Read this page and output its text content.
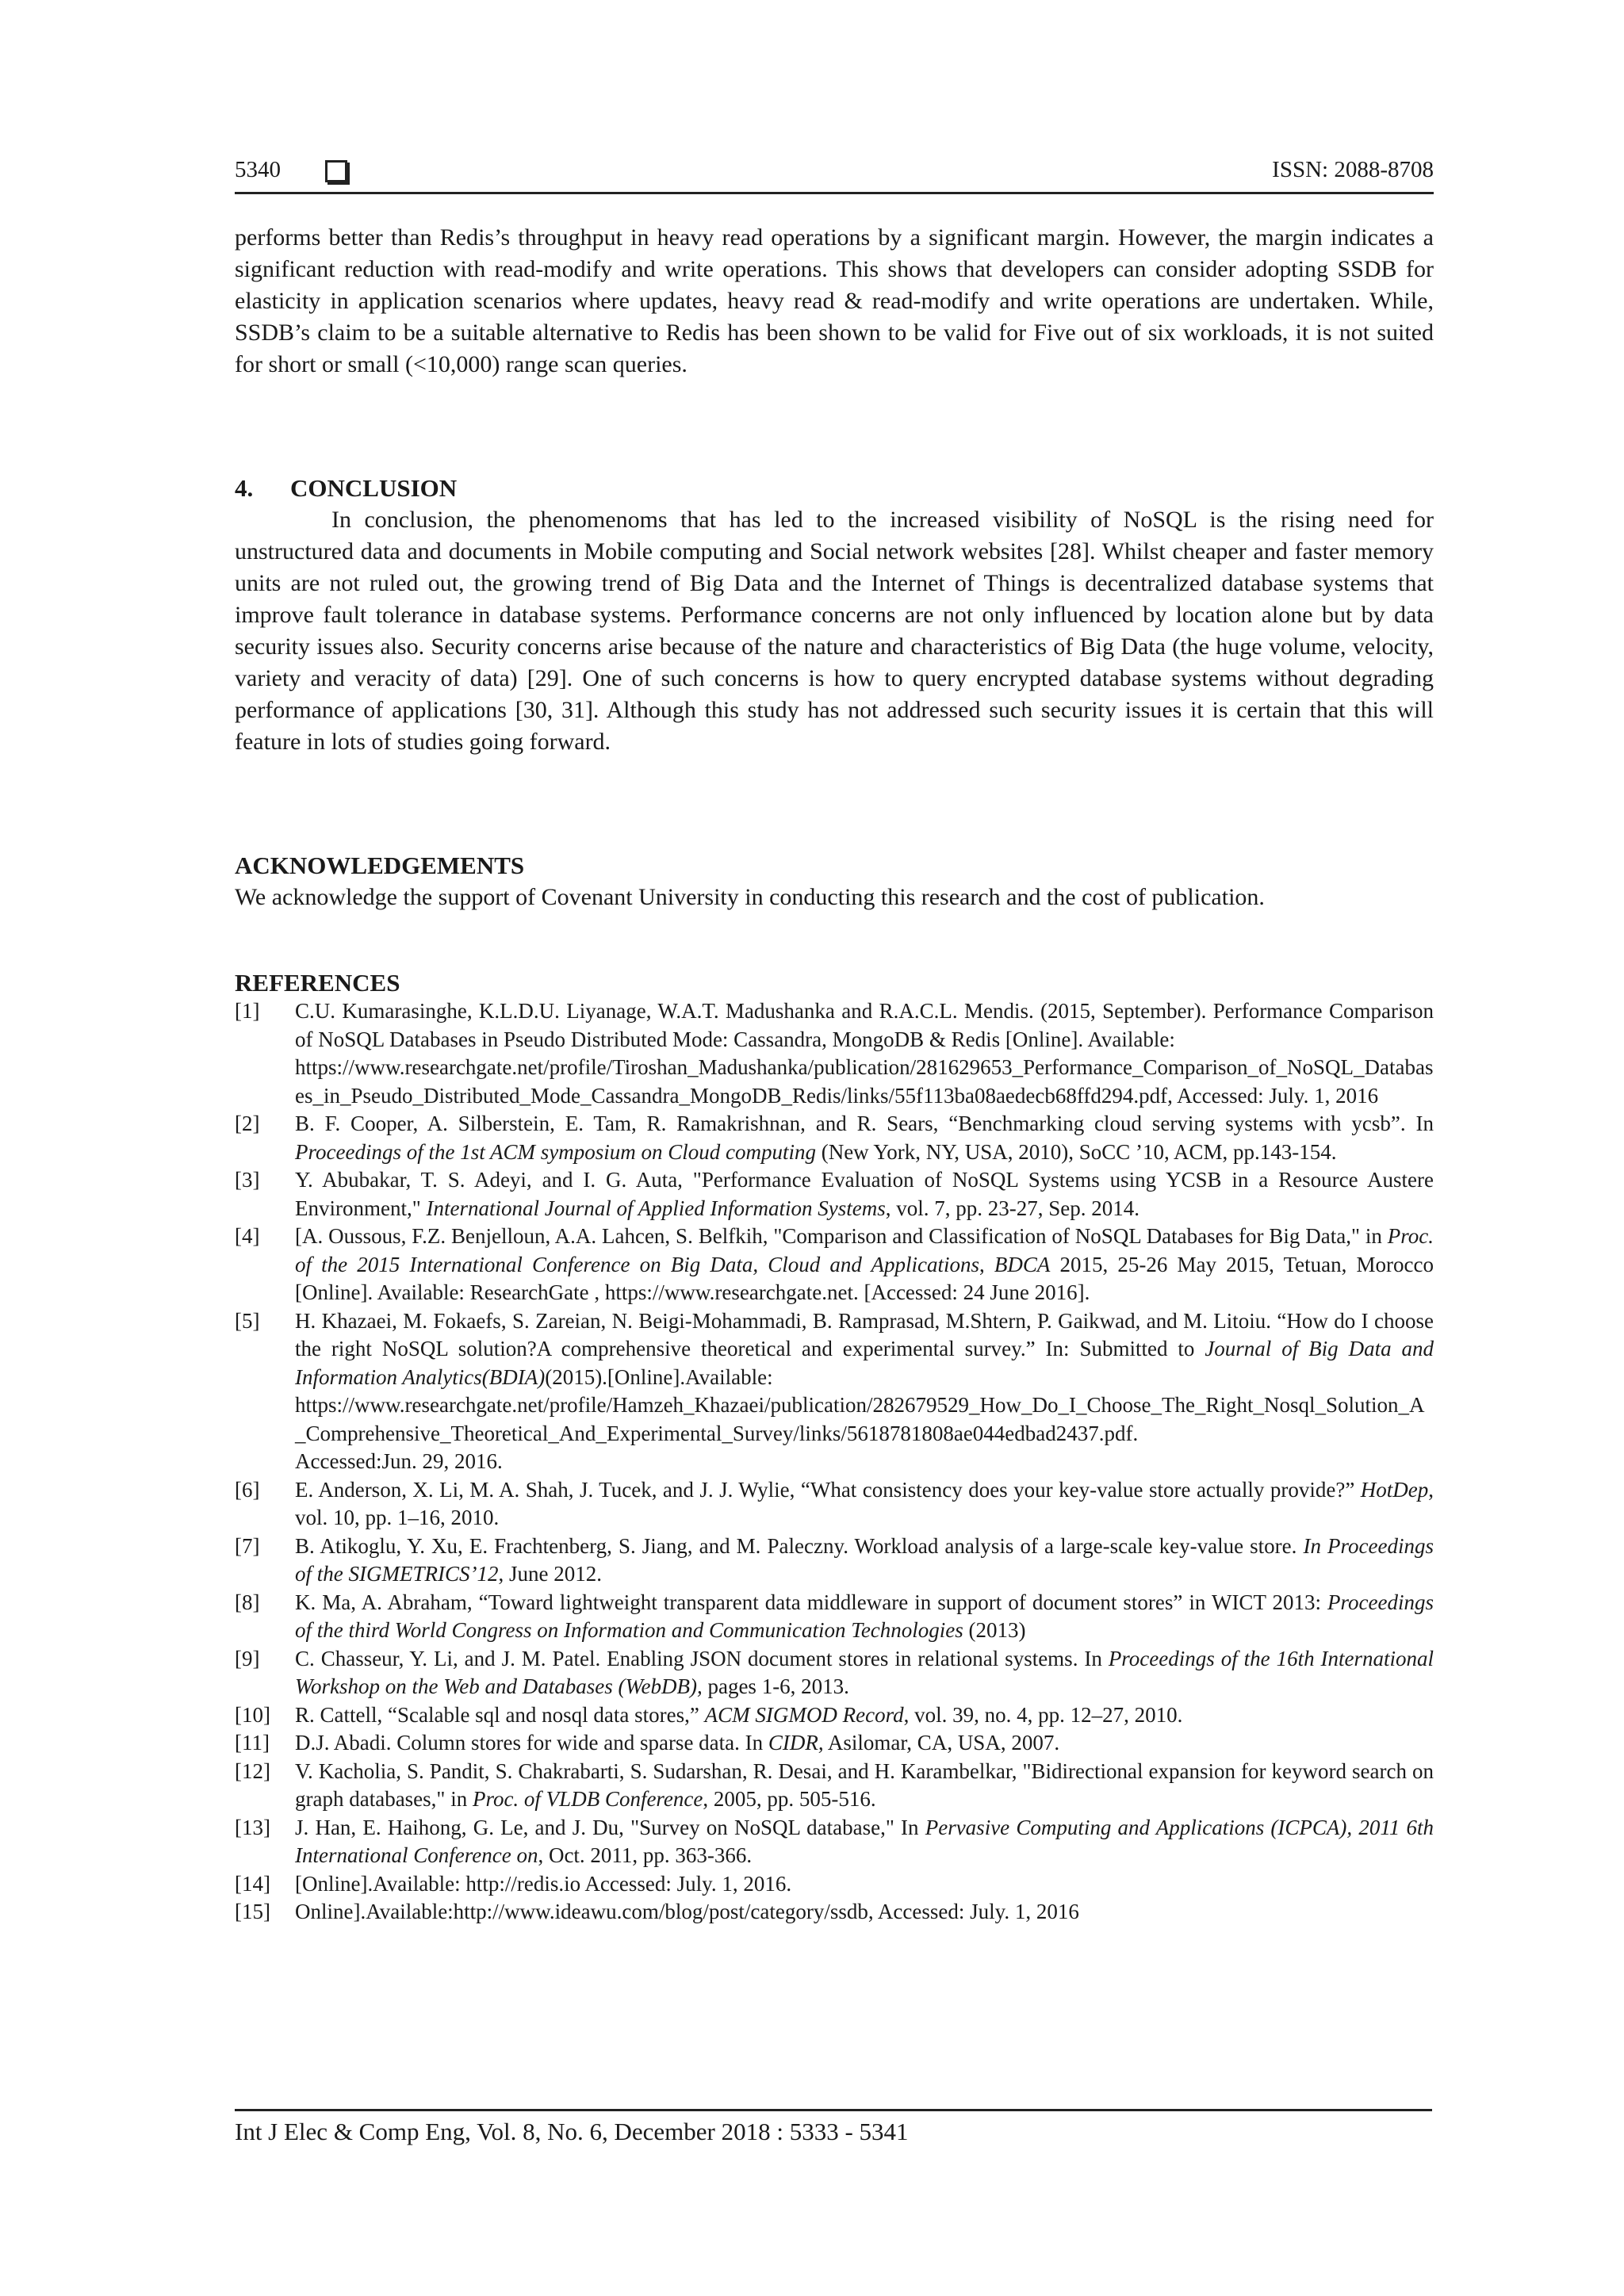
5340	ISSN: 2088-8708
performs better than Redis’s throughput in heavy read operations by a significant margin. However, the margin indicates a significant reduction with read-modify and write operations. This shows that developers can consider adopting SSDB for elasticity in application scenarios where updates, heavy read & read-modify and write operations are undertaken. While, SSDB’s claim to be a suitable alternative to Redis has been shown to be valid for Five out of six workloads, it is not suited for short or small (<10,000) range scan queries.
4. CONCLUSION
In conclusion, the phenomenoms that has led to the increased visibility of NoSQL is the rising need for unstructured data and documents in Mobile computing and Social network websites [28]. Whilst cheaper and faster memory units are not ruled out, the growing trend of Big Data and the Internet of Things is decentralized database systems that improve fault tolerance in database systems. Performance concerns are not only influenced by location alone but by data security issues also. Security concerns arise because of the nature and characteristics of Big Data (the huge volume, velocity, variety and veracity of data) [29]. One of such concerns is how to query encrypted database systems without degrading performance of applications [30, 31]. Although this study has not addressed such security issues it is certain that this will feature in lots of studies going forward.
ACKNOWLEDGEMENTS
We acknowledge the support of Covenant University in conducting this research and the cost of publication.
REFERENCES
[1] C.U. Kumarasinghe, K.L.D.U. Liyanage, W.A.T. Madushanka and R.A.C.L. Mendis. (2015, September). Performance Comparison of NoSQL Databases in Pseudo Distributed Mode: Cassandra, MongoDB & Redis [Online]. Available:
https://www.researchgate.net/profile/Tiroshan_Madushanka/publication/281629653_Performance_Comparison_of_NoSQL_Databases_in_Pseudo_Distributed_Mode_Cassandra_MongoDB_Redis/links/55f113ba08aedecb68ffd294.pdf, Accessed: July. 1, 2016
[2] B. F. Cooper, A. Silberstein, E. Tam, R. Ramakrishnan, and R. Sears, “Benchmarking cloud serving systems with ycsb”. In Proceedings of the 1st ACM symposium on Cloud computing (New York, NY, USA, 2010), SoCC ’10, ACM, pp.143-154.
[3] Y. Abubakar, T. S. Adeyi, and I. G. Auta, "Performance Evaluation of NoSQL Systems using YCSB in a Resource Austere Environment," International Journal of Applied Information Systems, vol. 7, pp. 23-27, Sep. 2014.
[4] [A. Oussous, F.Z. Benjelloun, A.A. Lahcen, S. Belfkih, "Comparison and Classification of NoSQL Databases for Big Data," in Proc. of the 2015 International Conference on Big Data, Cloud and Applications, BDCA 2015, 25-26 May 2015, Tetuan, Morocco [Online]. Available: ResearchGate , https://www.researchgate.net. [Accessed: 24 June 2016].
[5] H. Khazaei, M. Fokaefs, S. Zareian, N. Beigi-Mohammadi, B. Ramprasad, M.Shtern, P. Gaikwad, and M. Litoiu. “How do I choose the right NoSQL solution?A comprehensive theoretical and experimental survey.” In: Submitted to Journal of Big Data and Information Analytics(BDIA)(2015).[Online].Available:
https://www.researchgate.net/profile/Hamzeh_Khazaei/publication/282679529_How_Do_I_Choose_The_Right_Nosql_Solution_A_Comprehensive_Theoretical_And_Experimental_Survey/links/5618781808ae044edbad2437.pdf.
Accessed:Jun. 29, 2016.
[6] E. Anderson, X. Li, M. A. Shah, J. Tucek, and J. J. Wylie, “What consistency does your key-value store actually provide?” HotDep, vol. 10, pp. 1–16, 2010.
[7] B. Atikoglu, Y. Xu, E. Frachtenberg, S. Jiang, and M. Paleczny. Workload analysis of a large-scale key-value store. In Proceedings of the SIGMETRICS’12, June 2012.
[8] K. Ma, A. Abraham, “Toward lightweight transparent data middleware in support of document stores” in WICT 2013: Proceedings of the third World Congress on Information and Communication Technologies (2013)
[9] C. Chasseur, Y. Li, and J. M. Patel. Enabling JSON document stores in relational systems. In Proceedings of the 16th International Workshop on the Web and Databases (WebDB), pages 1-6, 2013.
[10] R. Cattell, “Scalable sql and nosql data stores,” ACM SIGMOD Record, vol. 39, no. 4, pp. 12–27, 2010.
[11] D.J. Abadi. Column stores for wide and sparse data. In CIDR, Asilomar, CA, USA, 2007.
[12] V. Kacholia, S. Pandit, S. Chakrabarti, S. Sudarshan, R. Desai, and H. Karambelkar, "Bidirectional expansion for keyword search on graph databases," in Proc. of VLDB Conference, 2005, pp. 505-516.
[13] J. Han, E. Haihong, G. Le, and J. Du, "Survey on NoSQL database," In Pervasive Computing and Applications (ICPCA), 2011 6th International Conference on, Oct. 2011, pp. 363-366.
[14] [Online].Available: http://redis.io Accessed: July. 1, 2016.
[15] Online].Available:http://www.ideawu.com/blog/post/category/ssdb, Accessed: July. 1, 2016
Int J Elec & Comp Eng, Vol. 8, No. 6, December 2018 : 5333 - 5341
